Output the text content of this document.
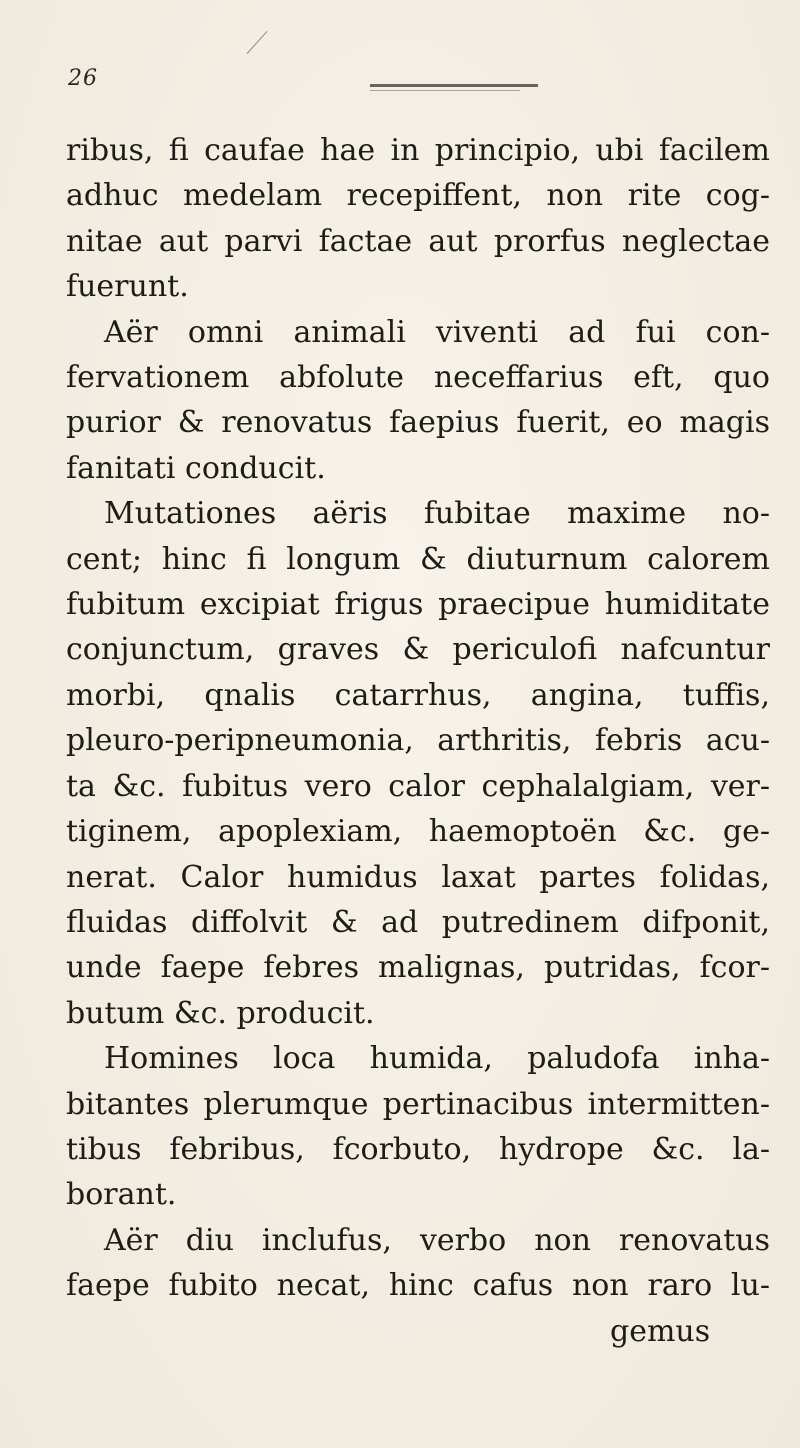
26
ribus, fi caufae hae in principio, ubi facilem
adhuc medelam recepiffent, non rite cog-
nitae aut parvi factae aut prorfus neglectae
fuerunt.
Aër omni animali viventi ad fui con-
fervationem abfolute neceffarius eft, quo
purior & renovatus faepius fuerit, eo magis
fanitati conducit.
Mutationes aëris fubitae maxime no-
cent; hinc fi longum & diuturnum calorem
fubitum excipiat frigus praecipue humiditate
conjunctum, graves & periculofi nafcuntur
morbi, qnalis catarrhus, angina, tuffis,
pleuro-peripneumonia, arthritis, febris acu-
ta &c. fubitus vero calor cephalalgiam, ver-
tiginem, apoplexiam, haemoptoën &c. ge-
nerat. Calor humidus laxat partes folidas,
fluidas diffolvit & ad putredinem difponit,
unde faepe febres malignas, putridas, fcor-
butum &c. producit.
Homines loca humida, paludofa inha-
bitantes plerumque pertinacibus intermitten-
tibus febribus, fcorbuto, hydrope &c. la-
borant.
Aër diu inclufus, verbo non renovatus
faepe fubito necat, hinc cafus non raro lu-
gemus
